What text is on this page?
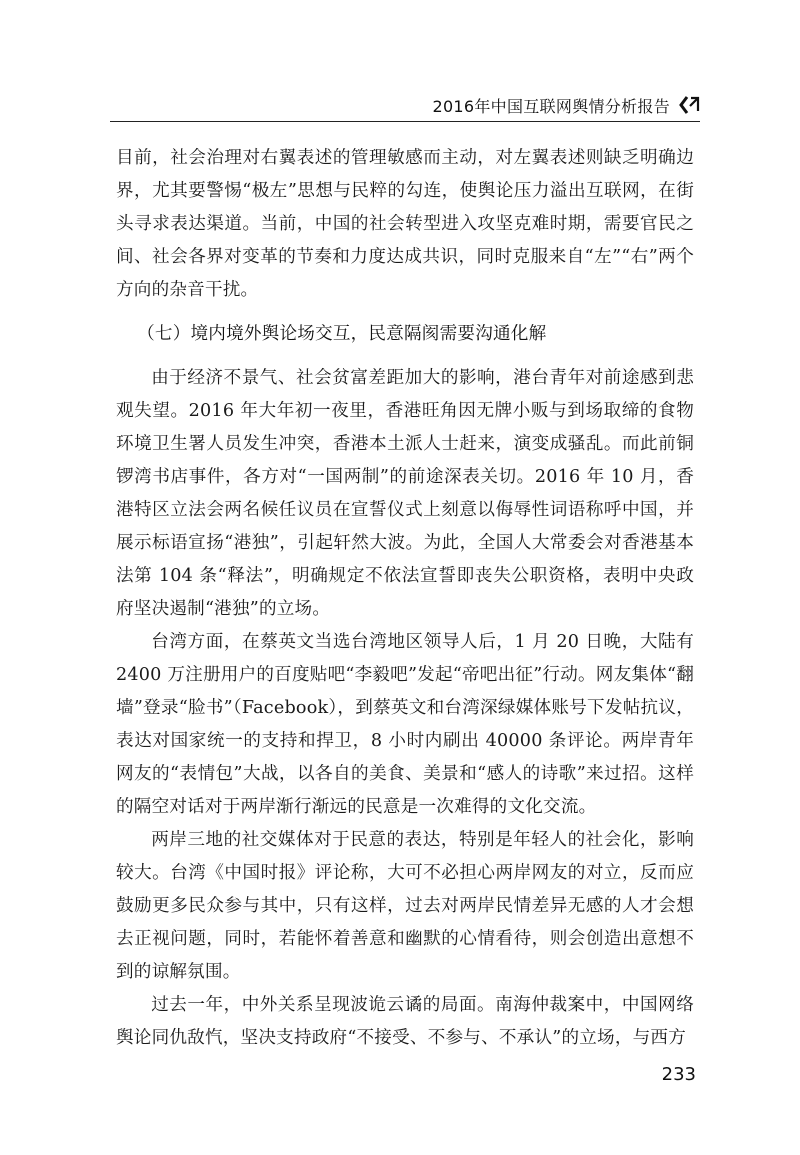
2016年中国互联网舆情分析报告

目前，社会治理对右翼表述的管理敏感而主动，对左翼表述则缺乏明确边界，尤其要警惕“极左”思想与民粹的勾连，使舆论压力溢出互联网，在街头寻求表达渠道。当前，中国的社会转型进入攻坚克难时期，需要官民之间、社会各界对变革的节奏和力度达成共识，同时克服来自“左”“右”两个方向的杂音干扰。

（七）境内境外舆论场交互，民意隔阂需要沟通化解

由于经济不景气、社会贫富差距加大的影响，港台青年对前途感到悲观失望。2016 年大年初一夜里，香港旺角因无牌小贩与到场取缔的食物环境卫生署人员发生冲突，香港本土派人士赶来，演变成骚乱。而此前铜锣湾书店事件，各方对“一国两制”的前途深表关切。2016 年 10 月，香港特区立法会两名候任议员在宣誓仪式上刻意以侮辱性词语称呼中国，并展示标语宣扬“港独”，引起轩然大波。为此，全国人大常委会对香港基本法第 104 条“释法”，明确规定不依法宣誓即丧失公职资格，表明中央政府坚决遏制“港独”的立场。

台湾方面，在蔡英文当选台湾地区领导人后，1 月 20 日晚，大陆有 2400 万注册用户的百度贴吧“李毅吧”发起“帝吧出征”行动。网友集体“翻墙”登录“脸书”（Facebook），到蔡英文和台湾深绿媒体账号下发帖抗议，表达对国家统一的支持和捍卫，8 小时内刷出 40000 条评论。两岸青年网友的“表情包”大战，以各自的美食、美景和“感人的诗歌”来过招。这样的隔空对话对于两岸渐行渐远的民意是一次难得的文化交流。

两岸三地的社交媒体对于民意的表达，特别是年轻人的社会化，影响较大。台湾《中国时报》评论称，大可不必担心两岸网友的对立，反而应鼓励更多民众参与其中，只有这样，过去对两岸民情差异无感的人才会想去正视问题，同时，若能怀着善意和幽默的心情看待，则会创造出意想不到的谅解氛围。

过去一年，中外关系呈现波诡云谲的局面。南海仲裁案中，中国网络舆论同仇敌忾，坚决支持政府“不接受、不参与、不承认”的立场，与西方

233
